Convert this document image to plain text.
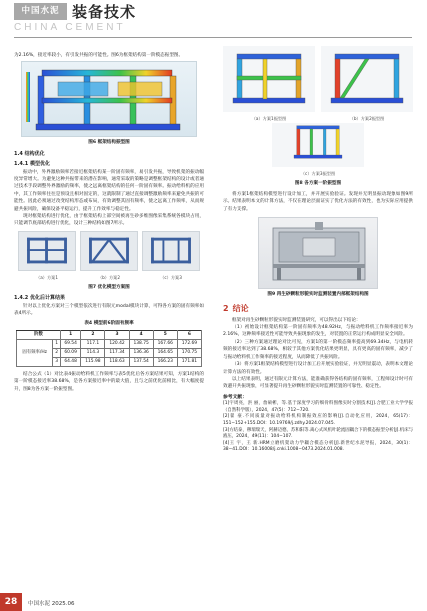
中国水泥 装备技术
CHINA CEMENT

为2.16%，接近率较小，有引发共振的可能性。图6为框架结构第一阶模态振型图。

图6 框架结构振型图
1.4 结构优化
1.4.1 模型优化

振动中，外界激励频率若接近框架结构某一阶固有频率，易引发共振，导致机架的振动幅度异常增大。为避免这种共振带来的潜在影响，通常采取的策略是调整框架结构的设计或者通过技术手段调整外界激励的频率，使之远离框架结构的任何一阶固有频率。振动给料机的应用中，其工作频率往往是预设且相对固定的，这就限制了通过直接调整激励频率来避免共振的可能性。因此必须通过改变结构形态或布局，有效调整其固有频率，使之远离工作频率，从而规避共振风险，确保设备平稳运行，提升工作效率与稳定性。

现对框架结构进行优化，由于框架结构上部空间被再生砂多维图像采集系统各模块占用，只能调节底部结构进行优化，设计三种结构如图7所示。

（a）方案1	（b）方案2	（c）方案3
图7 优化模型方案图
1.4.2 优化后计算结果

针对以上优化方案对三个模型依次进行有限元modal模块计算，可得各方案的固有频率如表4所示。

表4 模型前6阶固有频率
阶数		1	2	3	4	5	6
固有频率/Hz	1	69.54	117.1	120.42	138.75	167.66	172.69
	2	60.09	114.3	117.34	136.36	164.65	170.75
	3	64.48	115.98	118.63	137.54	166.23	171.81

结合公式（1）对比表4振动给料机工作频率与表5优化后各方案结果可知，方案1结构的第一阶模态接近率38.68%，是各方案接近率中的最大值，且与之前优化前相比，有大幅度提升，图8为各方案一阶振型图。

（a）方案1振型图	（b）方案2振型图
（c）方案3振型图
图8 各方案一阶振型图

将方案1框架结构模型进行设计加工，并开展实验验证。发现并无明显振动现象如图9所示。结果表明本文的计算方法，不仅在理论层面证实了优化方法的有效性，也为实际应用提供了有力支撑。

图9 再生砂颗粒形貌实时监测装置内部框架结构图
2 结论

框架对再生砂颗粒形貌实时监测装置研究，可以得出以下结论：

（1）初始设计框架结构第一阶固有频率为48.92Hz，与振动给料机工作频率接近率为2.16%，这种频率接近性可能导致共振现象的发生，对装置的正常运行构成明显安全风险。

（2）三种方案通过理论对比可见，方案1的第一阶模态频率提高到69.34Hz，与电机转频的接近率达到了38.68%，相较于其他方案优化结果更明显，具有更高的固有频率，减少了与振动给料机工作频率的接近程度，从而降低了共振风险。

（3）将方案1框架结构模型进行设计加工后开展实验验证，并无明显震动，表明本文理论计算方法的有效性。

以上结果表明，通过有限元计算方法，能准确获得各结构的固有频率，工程师设计时可有效避开共振现象，可显著提升再生砂颗粒形貌实时监测装置的可靠性、稳定性。

参考文献：
[1]宇周亮，洪 丽，詹硕彬，等.基于深度学习的细骨料图像实时分割技术[J].合肥工业大学学报（自然科学版），2024，47(5)：712−720.
[2]翟 豪.不同质量对振动给料机构制振效应的影响[J].自动化应用，2024，65(17)：151−152+155.DOI：10.19769/j.zdhy.2024.07.045.
[3]方结泰，穆瑞瑞天，阿赫迈德，苏和阳等.离心式风机叶轮流固耦合下的模态振型分析[J].机床与液压，2024，49(11)：104−107.
[4]王 宇，王 新.HRM立磨机架动力学耦合模态分析[J].新世纪水泥导报，2024，30(1)：38−41.DOI：10.16008/j.cnki.1008−0473.2024.01.008.
28	中国水泥 2025.06
